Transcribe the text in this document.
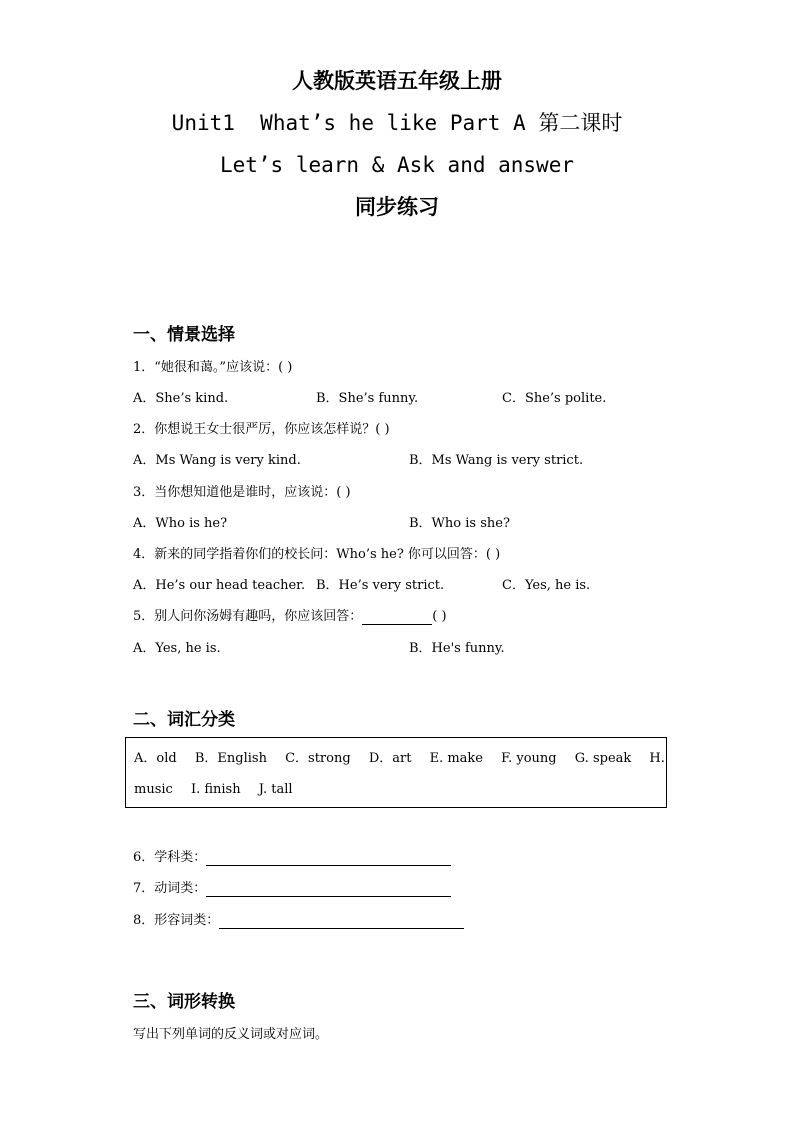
人教版英语五年级上册
Unit1  What’s he like Part A 第二课时
Let’s learn & Ask and answer
同步练习
一、情景选择
1．“她很和蔼。”应该说：( )
A．She’s kind.	B．She’s funny.	C．She’s polite.
2．你想说王女士很严厉，你应该怎样说？( )
A．Ms Wang is very kind.	B．Ms Wang is very strict.
3．当你想知道他是谁时，应该说：( )
A．Who is he?	B．Who is she?
4．新来的同学指着你们的校长问：Who’s he? 你可以回答：( )
A．He’s our head teacher. B．He’s very strict.	C．Yes, he is.
5．别人问你汤姆有趣吗，你应该回答：	( )
A．Yes, he is.	B．He's funny.
二、词汇分类
A．old B．English C．strong D．art E. make F. young G. speak H.
music I. finish J. tall
6．学科类：
7．动词类：
8．形容词类：
三、词形转换
写出下列单词的反义词或对应词。
